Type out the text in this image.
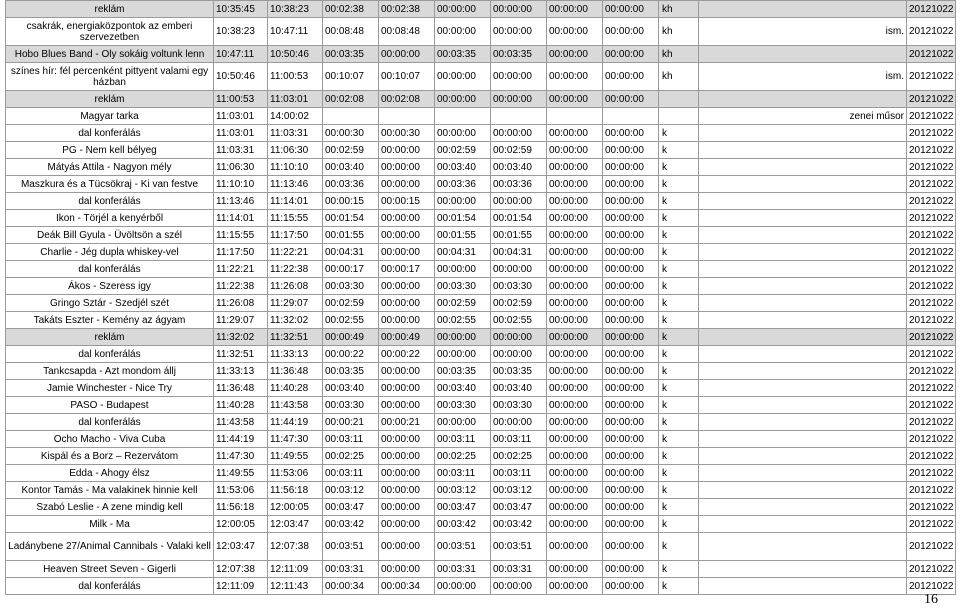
reklám	10:35:45	10:38:23	00:02:38	00:02:38	00:00:00	00:00:00	00:00:00	00:00:00	kh		20121022
csakrák, energiaközpontok az emberi szervezetben	10:38:23	10:47:11	00:08:48	00:08:48	00:00:00	00:00:00	00:00:00	00:00:00	kh	ism.	20121022
Hobo Blues Band - Oly sokáig voltunk lenn	10:47:11	10:50:46	00:03:35	00:00:00	00:03:35	00:03:35	00:00:00	00:00:00	kh		20121022
színes hír: fél percenként pittyent valami egy házban	10:50:46	11:00:53	00:10:07	00:10:07	00:00:00	00:00:00	00:00:00	00:00:00	kh	ism.	20121022
reklám	11:00:53	11:03:01	00:02:08	00:02:08	00:00:00	00:00:00	00:00:00	00:00:00			20121022
Magyar tarka	11:03:01	14:00:02								zenei műsor	20121022
dal konferálás	11:03:01	11:03:31	00:00:30	00:00:30	00:00:00	00:00:00	00:00:00	00:00:00	k		20121022
PG - Nem kell bélyeg	11:03:31	11:06:30	00:02:59	00:00:00	00:02:59	00:02:59	00:00:00	00:00:00	k		20121022
Mátyás Attila - Nagyon mély	11:06:30	11:10:10	00:03:40	00:00:00	00:03:40	00:03:40	00:00:00	00:00:00	k		20121022
Maszkura és a Tücsökraj - Ki van festve	11:10:10	11:13:46	00:03:36	00:00:00	00:03:36	00:03:36	00:00:00	00:00:00	k		20121022
dal konferálás	11:13:46	11:14:01	00:00:15	00:00:15	00:00:00	00:00:00	00:00:00	00:00:00	k		20121022
Ikon - Törjél a kenyérből	11:14:01	11:15:55	00:01:54	00:00:00	00:01:54	00:01:54	00:00:00	00:00:00	k		20121022
Deák Bill Gyula - Üvöltsön a szél	11:15:55	11:17:50	00:01:55	00:00:00	00:01:55	00:01:55	00:00:00	00:00:00	k		20121022
Charlie - Jég dupla whiskey-vel	11:17:50	11:22:21	00:04:31	00:00:00	00:04:31	00:04:31	00:00:00	00:00:00	k		20121022
dal konferálás	11:22:21	11:22:38	00:00:17	00:00:17	00:00:00	00:00:00	00:00:00	00:00:00	k		20121022
Ákos - Szeress igy	11:22:38	11:26:08	00:03:30	00:00:00	00:03:30	00:03:30	00:00:00	00:00:00	k		20121022
Gringo Sztár - Szedjél szét	11:26:08	11:29:07	00:02:59	00:00:00	00:02:59	00:02:59	00:00:00	00:00:00	k		20121022
Takáts Eszter - Kemény az ágyam	11:29:07	11:32:02	00:02:55	00:00:00	00:02:55	00:02:55	00:00:00	00:00:00	k		20121022
reklám	11:32:02	11:32:51	00:00:49	00:00:49	00:00:00	00:00:00	00:00:00	00:00:00	k		20121022
dal konferálás	11:32:51	11:33:13	00:00:22	00:00:22	00:00:00	00:00:00	00:00:00	00:00:00	k		20121022
Tankcsapda - Azt mondom állj	11:33:13	11:36:48	00:03:35	00:00:00	00:03:35	00:03:35	00:00:00	00:00:00	k		20121022
Jamie Winchester - Nice Try	11:36:48	11:40:28	00:03:40	00:00:00	00:03:40	00:03:40	00:00:00	00:00:00	k		20121022
PASO - Budapest	11:40:28	11:43:58	00:03:30	00:00:00	00:03:30	00:03:30	00:00:00	00:00:00	k		20121022
dal konferálás	11:43:58	11:44:19	00:00:21	00:00:21	00:00:00	00:00:00	00:00:00	00:00:00	k		20121022
Ocho Macho - Viva Cuba	11:44:19	11:47:30	00:03:11	00:00:00	00:03:11	00:03:11	00:00:00	00:00:00	k		20121022
Kispál és a Borz – Rezervátom	11:47:30	11:49:55	00:02:25	00:00:00	00:02:25	00:02:25	00:00:00	00:00:00	k		20121022
Edda - Ahogy élsz	11:49:55	11:53:06	00:03:11	00:00:00	00:03:11	00:03:11	00:00:00	00:00:00	k		20121022
Kontor Tamás - Ma valakinek hinnie kell	11:53:06	11:56:18	00:03:12	00:00:00	00:03:12	00:03:12	00:00:00	00:00:00	k		20121022
Szabó Leslie - A zene mindig kell	11:56:18	12:00:05	00:03:47	00:00:00	00:03:47	00:03:47	00:00:00	00:00:00	k		20121022
Milk - Ma	12:00:05	12:03:47	00:03:42	00:00:00	00:03:42	00:03:42	00:00:00	00:00:00	k		20121022
Ladánybene 27/Animal Cannibals - Valaki kell	12:03:47	12:07:38	00:03:51	00:00:00	00:03:51	00:03:51	00:00:00	00:00:00	k		20121022
Heaven Street Seven - Gigerli	12:07:38	12:11:09	00:03:31	00:00:00	00:03:31	00:03:31	00:00:00	00:00:00	k		20121022
dal konferálás	12:11:09	12:11:43	00:00:34	00:00:34	00:00:00	00:00:00	00:00:00	00:00:00	k		20121022
16
